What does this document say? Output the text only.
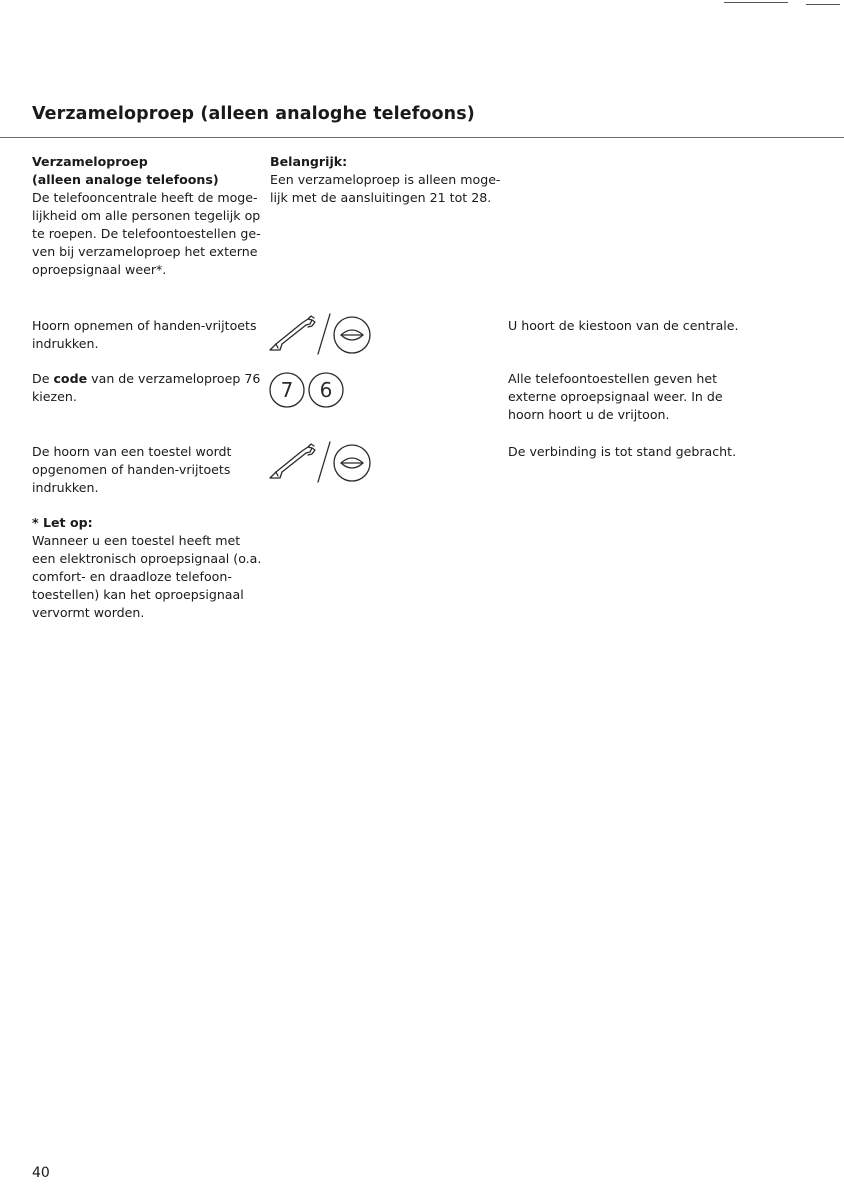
Verzameloproep (alleen analoghe telefoons)
Verzameloproep
(alleen analoge telefoons)
De telefooncentrale heeft de moge-
lijkheid om alle personen tegelijk op
te roepen. De telefoontoestellen ge-
ven bij verzameloproep het externe
oproepsignaal weer*.
Belangrijk:
Een verzameloproep is alleen moge-
lijk met de aansluitingen 21 tot 28.
Hoorn opnemen of handen-vrijtoets
indrukken.
U hoort de kiestoon van de centrale.
De code van de verzameloproep 76
kiezen.	7 6	Alle telefoontoestellen geven het
externe oproepsignaal weer. In de
hoorn hoort u de vrijtoon.
De hoorn van een toestel wordt
opgenomen of handen-vrijtoets
indrukken.
De verbinding is tot stand gebracht.
* Let op:
Wanneer u een toestel heeft met
een elektronisch oproepsignaal (o.a.
comfort- en draadloze telefoon-
toestellen) kan het oproepsignaal
vervormt worden.
40
